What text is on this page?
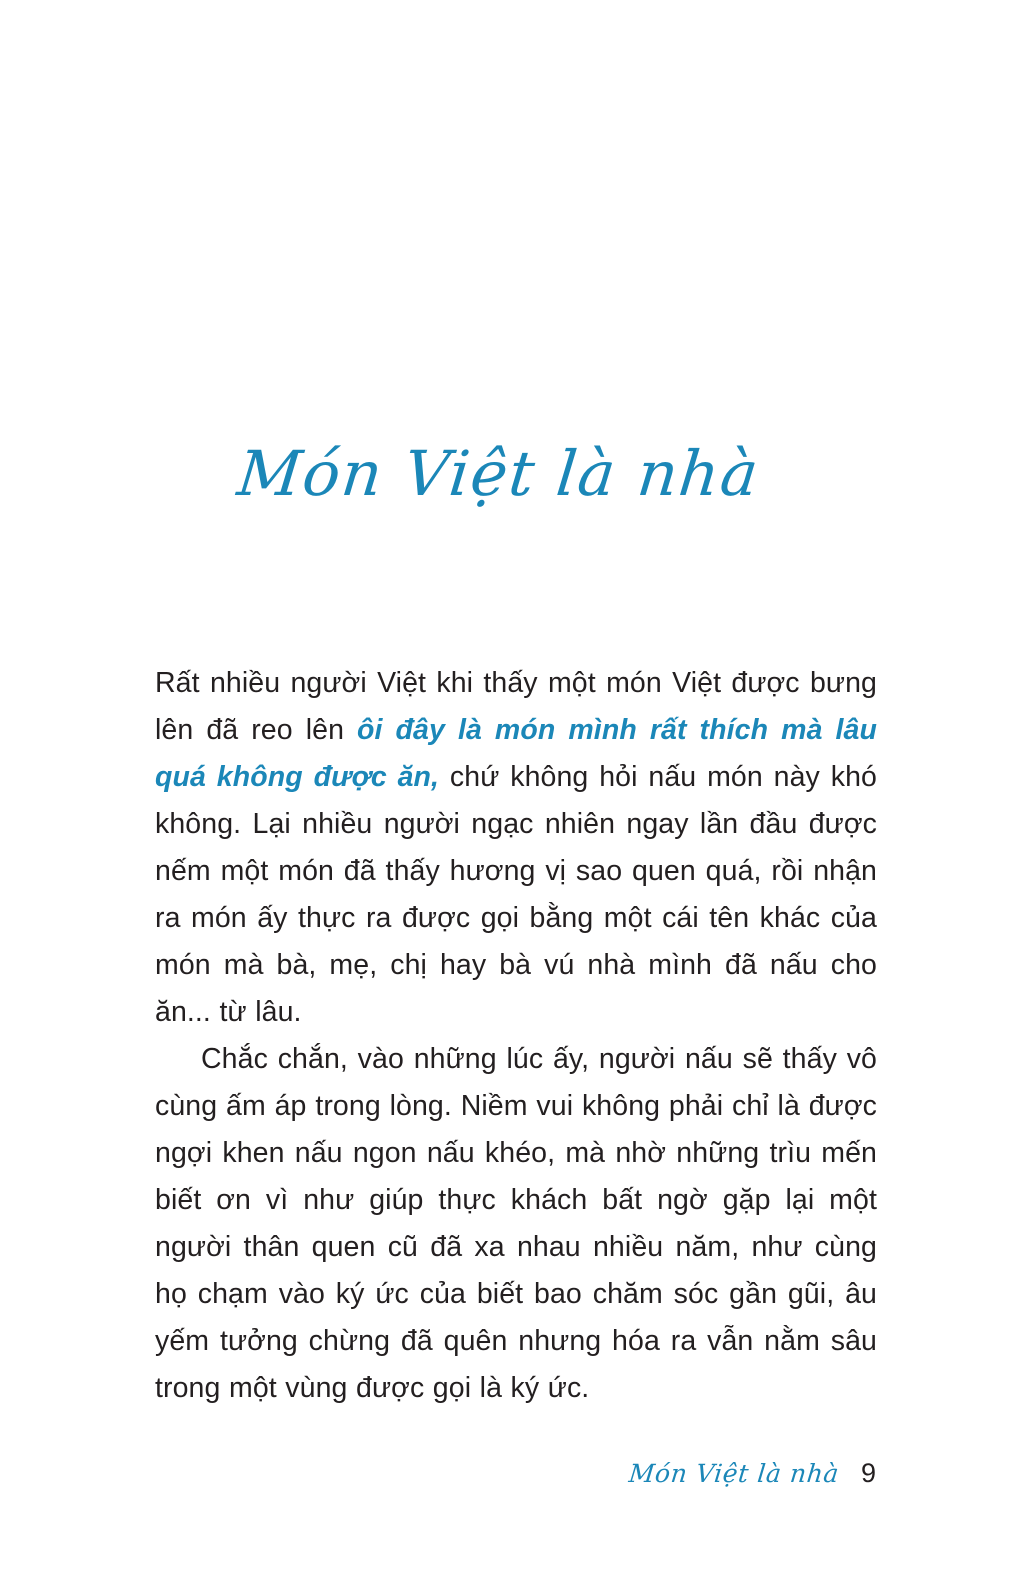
Món Việt là nhà

Rất nhiều người Việt khi thấy một món Việt được bưng lên đã reo lên ôi đây là món mình rất thích mà lâu quá không được ăn, chứ không hỏi nấu món này khó không. Lại nhiều người ngạc nhiên ngay lần đầu được nếm một món đã thấy hương vị sao quen quá, rồi nhận ra món ấy thực ra được gọi bằng một cái tên khác của món mà bà, mẹ, chị hay bà vú nhà mình đã nấu cho ăn... từ lâu.

Chắc chắn, vào những lúc ấy, người nấu sẽ thấy vô cùng ấm áp trong lòng. Niềm vui không phải chỉ là được ngợi khen nấu ngon nấu khéo, mà nhờ những trìu mến biết ơn vì như giúp thực khách bất ngờ gặp lại một người thân quen cũ đã xa nhau nhiều năm, như cùng họ chạm vào ký ức của biết bao chăm sóc gần gũi, âu yếm tưởng chừng đã quên nhưng hóa ra vẫn nằm sâu trong một vùng được gọi là ký ức.

Món Việt là nhà 9
